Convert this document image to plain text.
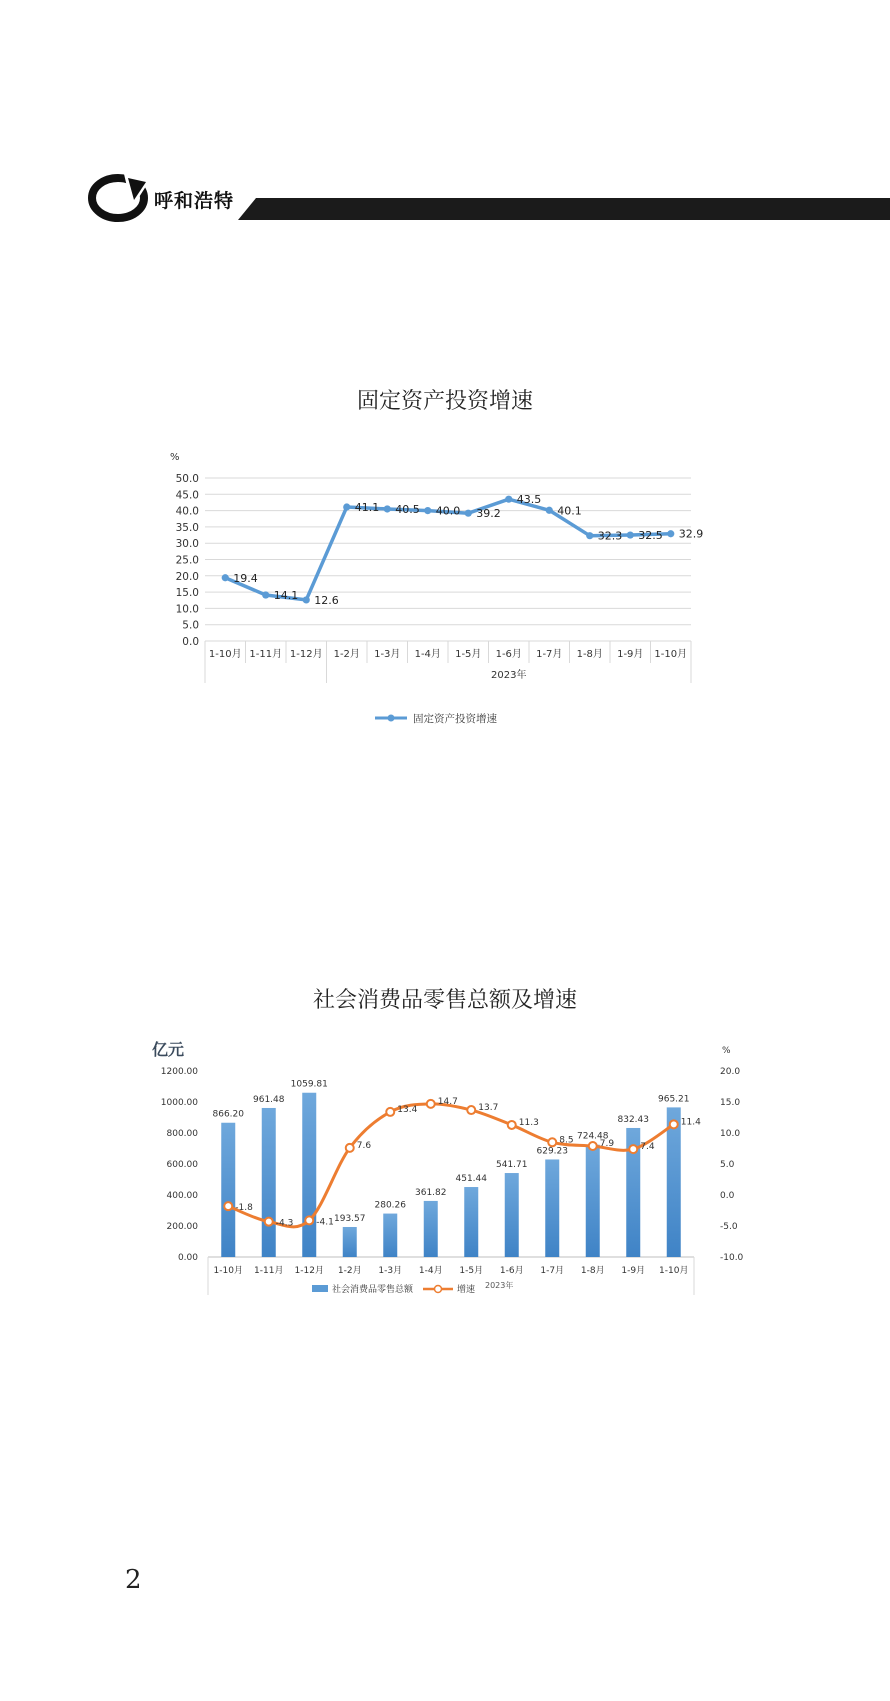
呼和浩特
固定资产投资增速
%
0.0
5.0
10.0
15.0
20.0
25.0
30.0
35.0
40.0
45.0
50.0
1-10月 1-11月 1-12月 1-2月 1-3月 1-4月 1-5月 1-6月 1-7月 1-8月 1-9月 1-10月
2023年
19.4
14.1 12.6
41.1 40.5 40.0 39.2
43.5
40.1
32.3 32.5 32.9
固定资产投资增速
社会消费品零售总额及增速
亿元	%
0.00
200.00
400.00
600.00
800.00
1000.00
1200.00
-10.0
-5.0
0.0
5.0
10.0
15.0
20.0
1-10月 1-11月 1-12月 1-2月 1-3月 1-4月 1-5月 1-6月 1-7月 1-8月 1-9月 1-10月
866.20
961.48
1059.81
193.57
280.26
361.82
451.44
541.71
629.23
724.48
832.43
965.21
-1.8
-4.3	-4.1
7.6
13.4
14.7
13.7
11.3
8.5	7.9	7.4
11.4
社会消费品零售总额	增速 2023年
2
